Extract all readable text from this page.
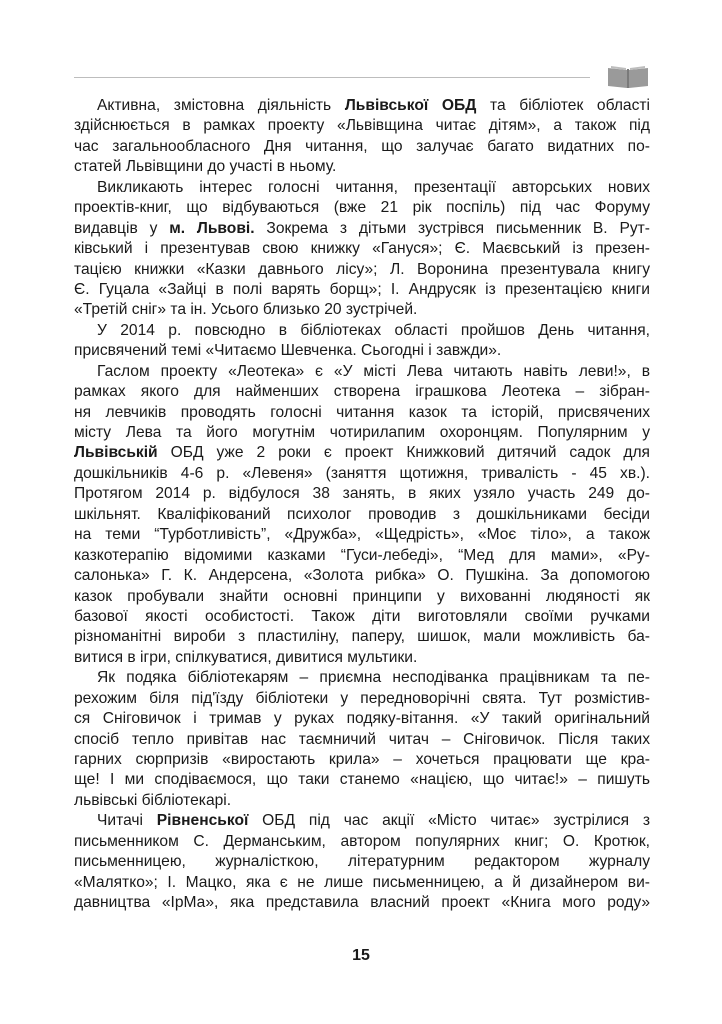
Активна, змістовна діяльність Львівської ОБД та бібліотек області
здійснюється в рамках проекту «Львівщина читає дітям», а також під
час загальнообласного Дня читання, що залучає багато видатних по-
статей Львівщини до участі в ньому.
Викликають інтерес голосні читання, презентації авторських нових
проектів-книг, що відбуваються (вже 21 рік поспіль) під час Форуму
видавців у м. Львові. Зокрема з дітьми зустрівся письменник В. Рут-
ківський і презентував свою книжку «Гануся»; Є. Маєвський із презен-
тацією книжки «Казки давнього лісу»; Л. Воронина презентувала книгу
Є. Гуцала «Зайці в полі варять борщ»; І. Андрусяк із презентацією книги
«Третій сніг» та ін. Усього близько 20 зустрічей.
У 2014 р. повсюдно в бібліотеках області пройшов День читання,
присвячений темі «Читаємо Шевченка. Сьогодні і завжди».
Гаслом проекту «Леотека» є «У місті Лева читають навіть леви!», в
рамках якого для найменших створена іграшкова Леотека – зібран-
ня левчиків проводять голосні читання казок та історій, присвячених
місту Лева та його могутнім чотирилапим охоронцям. Популярним у
Львівській ОБД уже 2 роки є проект Книжковий дитячий садок для
дошкільників 4-6 р. «Левеня» (заняття щотижня, тривалість - 45 хв.).
Протягом 2014 р. відбулося 38 занять, в яких узяло участь 249 до-
шкільнят. Кваліфікований психолог проводив з дошкільниками бесіди
на теми “Турботливість”, «Дружба», «Щедрість», «Моє тіло», а також
казкотерапію відомими казками “Гуси-лебеді», “Мед для мами», «Ру-
салонька» Г. К. Андерсена, «Золота рибка» О. Пушкіна. За допомогою
казок пробували знайти основні принципи у вихованні людяності як
базової якості особистості. Також діти виготовляли своїми ручками
різноманітні вироби з пластиліну, паперу, шишок, мали можливість ба-
витися в ігри, спілкуватися, дивитися мультики.
Як подяка бібліотекарям – приємна несподіванка працівникам та пе-
рехожим біля під'їзду бібліотеки у передноворічні свята. Тут розмістив-
ся Сніговичок і тримав у руках подяку-вітання. «У такий оригінальний
спосіб тепло привітав нас таємничий читач – Сніговичок. Після таких
гарних сюрпризів «виростають крила» – хочеться працювати ще кра-
ще! І ми сподіваємося, що таки станемо «нацією, що читає!» – пишуть
львівські бібліотекарі.
Читачі Рівненської ОБД під час акції «Місто читає» зустрілися з
письменником С. Дерманським, автором популярних книг; О. Кротюк,
письменницею, журналісткою, літературним редактором журналу
«Малятко»; І. Мацко, яка є не лише письменницею, а й дизайнером ви-
давництва «ІрМа», яка представила власний проект «Книга мого роду»
15
